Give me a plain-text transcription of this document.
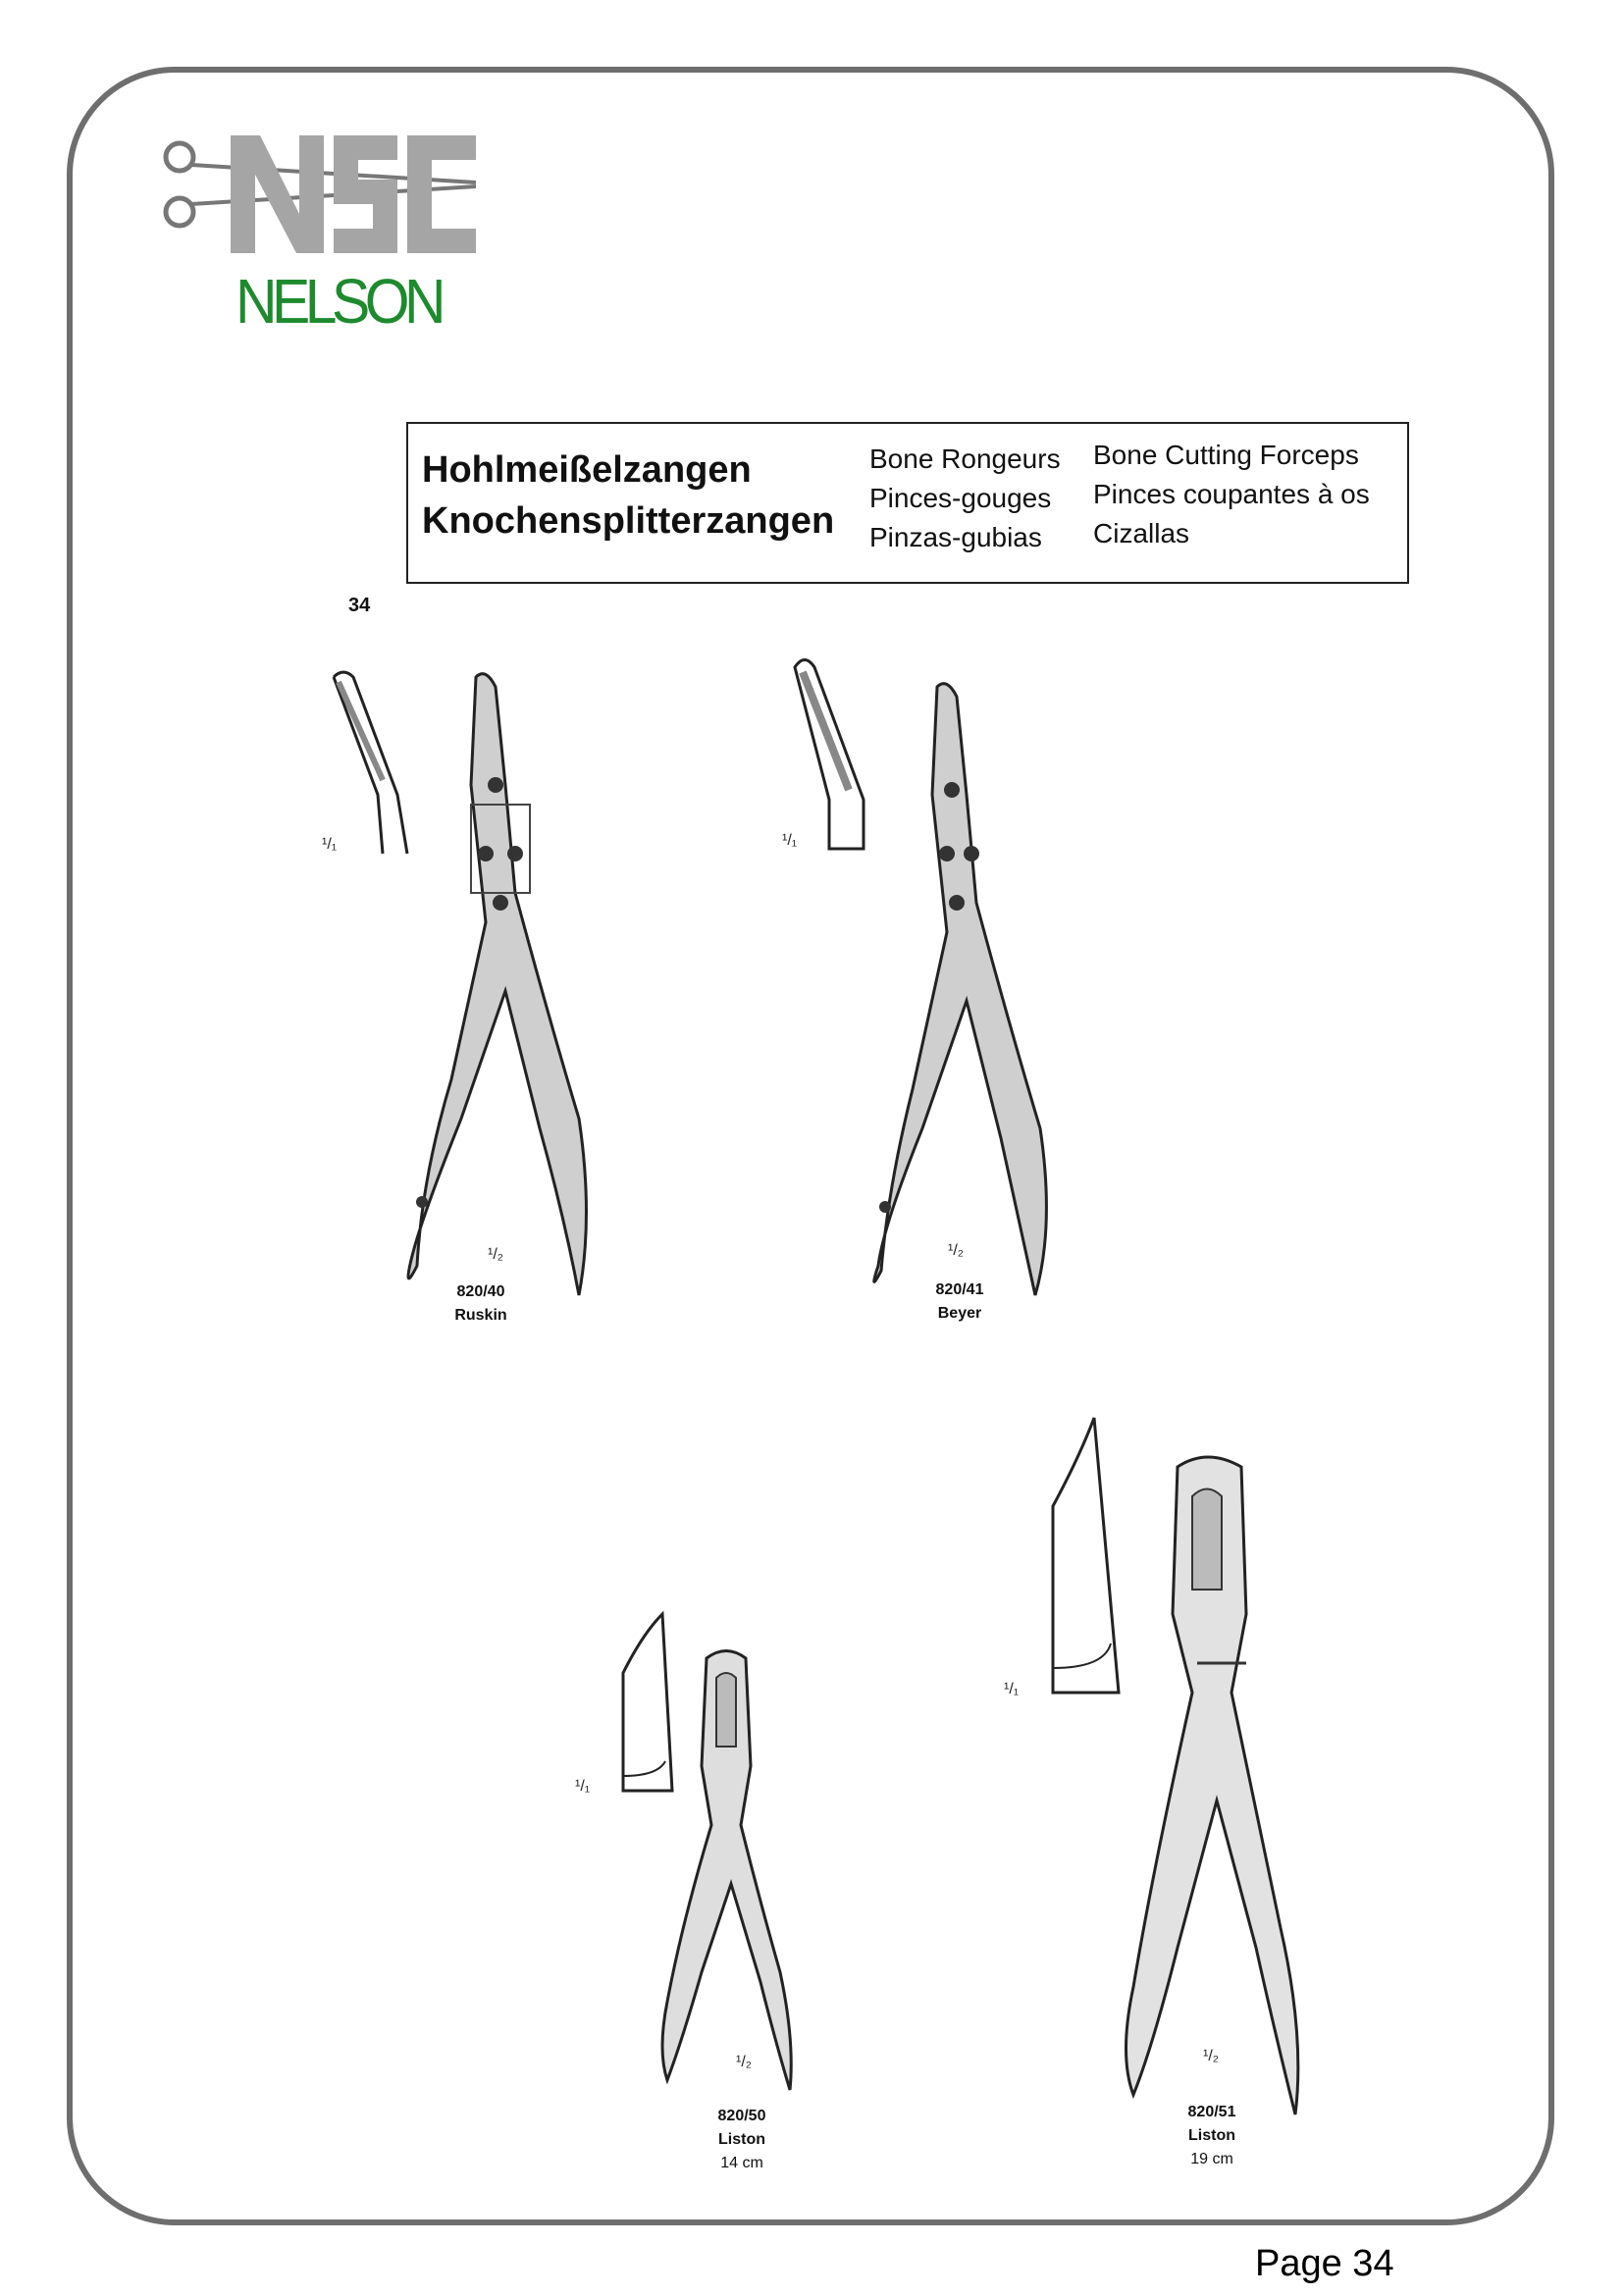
NELSON
Hohlmeißelzangen
Knochensplitterzangen
Bone Rongeurs
Pinces-gouges
Pinzas-gubias
Bone Cutting Forceps
Pinces coupantes à os
Cizallas
34
¹/₁
¹/₂
820/40
Ruskin
¹/₁
¹/₂
820/41
Beyer
¹/₁
¹/₂
820/50
Liston
14 cm
¹/₁
¹/₂
820/51
Liston
19 cm
Page 34
